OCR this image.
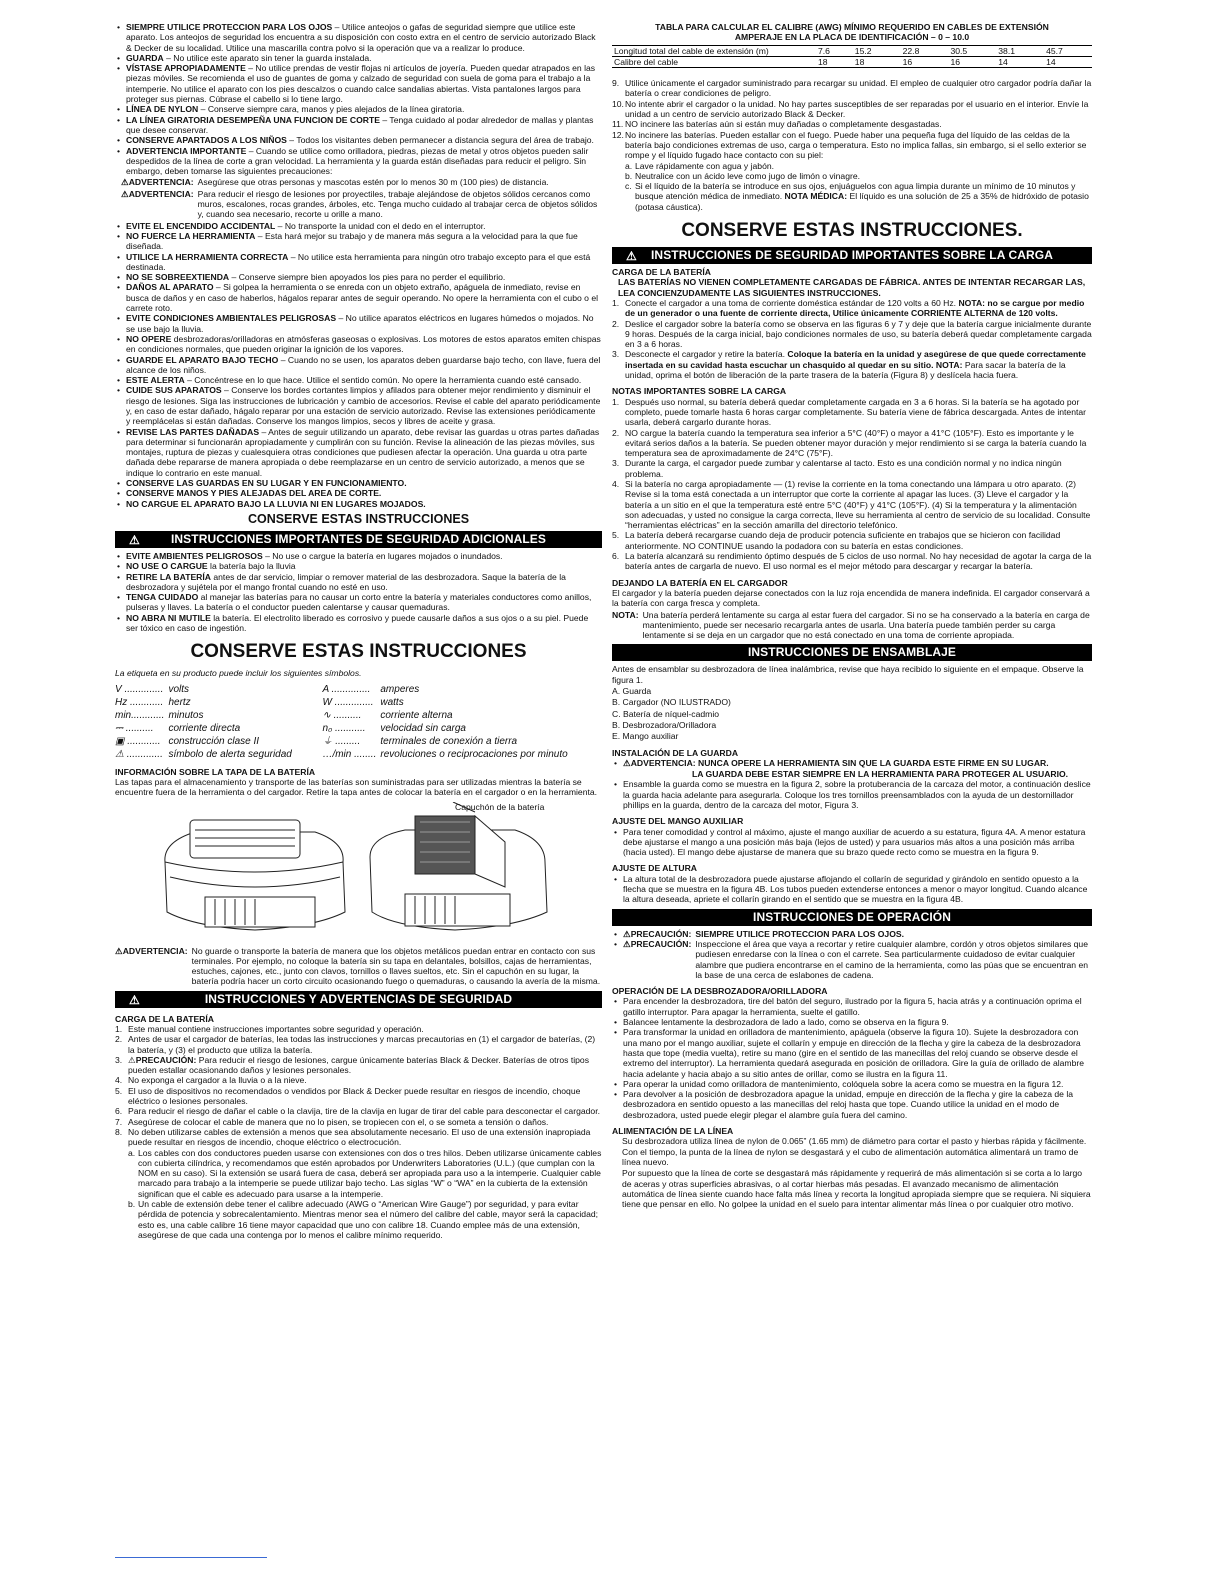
• SIEMPRE UTILICE PROTECCION PARA LOS OJOS – Utilice anteojos o gafas de seguridad siempre que utilice este aparato. Los anteojos de seguridad los encuentra a su disposición con costo extra en el centro de servicio autorizado Black & Decker de su localidad. Utilice una mascarilla contra polvo si la operación que va a realizar lo produce.
• GUARDA – No utilice este aparato sin tener la guarda instalada.
• VÍSTASE APROPIADAMENTE – No utilice prendas de vestir flojas ni artículos de joyería. Pueden quedar atrapados en las piezas móviles. Se recomienda el uso de guantes de goma y calzado de seguridad con suela de goma para el trabajo a la intemperie. No utilice el aparato con los pies descalzos o cuando calce sandalias abiertas. Vista pantalones largos para proteger sus piernas. Cúbrase el cabello si lo tiene largo.
• LÍNEA DE NYLON – Conserve siempre cara, manos y pies alejados de la línea giratoria.
• LA LÍNEA GIRATORIA DESEMPEÑA UNA FUNCION DE CORTE – Tenga cuidado al podar alrededor de mallas y plantas que desee conservar.
• CONSERVE APARTADOS A LOS NIÑOS – Todos los visitantes deben permanecer a distancia segura del área de trabajo.
• ADVERTENCIA IMPORTANTE – Cuando se utilice como orilladora, piedras, piezas de metal y otros objetos pueden salir despedidos de la línea de corte a gran velocidad. La herramienta y la guarda están diseñadas para reducir el peligro. Sin embargo, deben tomarse las siguientes precauciones:
⚠ADVERTENCIA: Asegúrese que otras personas y mascotas estén por lo menos 30 m (100 pies) de distancia.
⚠ADVERTENCIA: Para reducir el riesgo de lesiones por proyectiles, trabaje alejándose de objetos sólidos cercanos como muros, escalones, rocas grandes, árboles, etc. Tenga mucho cuidado al trabajar cerca de objetos sólidos y, cuando sea necesario, recorte u orille a mano.
• EVITE EL ENCENDIDO ACCIDENTAL – No transporte la unidad con el dedo en el interruptor.
• NO FUERCE LA HERRAMIENTA – Esta hará mejor su trabajo y de manera más segura a la velocidad para la que fue diseñada.
• UTILICE LA HERRAMIENTA CORRECTA – No utilice esta herramienta para ningún otro trabajo excepto para el que está destinada.
• NO SE SOBREEXTIENDA – Conserve siempre bien apoyados los pies para no perder el equilibrio.
• DAÑOS AL APARATO – Si golpea la herramienta o se enreda con un objeto extraño, apáguela de inmediato, revise en busca de daños y en caso de haberlos, hágalos reparar antes de seguir operando. No opere la herramienta con el cubo o el carrete roto.
• EVITE CONDICIONES AMBIENTALES PELIGROSAS – No utilice aparatos eléctricos en lugares húmedos o mojados. No se use bajo la lluvia.
• NO OPERE desbrozadoras/orilladoras en atmósferas gaseosas o explosivas. Los motores de estos aparatos emiten chispas en condiciones normales, que pueden originar la ignición de los vapores.
• GUARDE EL APARATO BAJO TECHO – Cuando no se usen, los aparatos deben guardarse bajo techo, con llave, fuera del alcance de los niños.
• ESTE ALERTA – Concéntrese en lo que hace. Utilice el sentido común. No opere la herramienta cuando esté cansado.
• CUIDE SUS APARATOS – Conserve los bordes cortantes limpios y afilados para obtener mejor rendimiento y disminuir el riesgo de lesiones. Siga las instrucciones de lubricación y cambio de accesorios. Revise el cable del aparato periódicamente y, en caso de estar dañado, hágalo reparar por una estación de servicio autorizado. Revise las extensiones periódicamente y reemplácelas si están dañadas. Conserve los mangos limpios, secos y libres de aceite y grasa.
• REVISE LAS PARTES DAÑADAS – Antes de seguir utilizando un aparato, debe revisar las guardas u otras partes dañadas para determinar si funcionarán apropiadamente y cumplirán con su función. Revise la alineación de las piezas móviles, sus montajes, ruptura de piezas y cualesquiera otras condiciones que pudiesen afectar la operación. Una guarda u otra parte dañada debe repararse de manera apropiada o debe reemplazarse en un centro de servicio autorizado, a menos que se indique lo contrario en este manual.
• CONSERVE LAS GUARDAS EN SU LUGAR Y EN FUNCIONAMIENTO.
• CONSERVE MANOS Y PIES ALEJADAS DEL AREA DE CORTE.
• NO CARGUE EL APARATO BAJO LA LLUVIA NI EN LUGARES MOJADOS.
CONSERVE ESTAS INSTRUCCIONES
⚠	INSTRUCCIONES IMPORTANTES DE SEGURIDAD ADICIONALES
• EVITE AMBIENTES PELIGROSOS – No use o cargue la batería en lugares mojados o inundados.
• NO USE O CARGUE la batería bajo la lluvia
• RETIRE LA BATERÍA antes de dar servicio, limpiar o remover material de las desbrozadora. Saque la batería de la desbrozadora y sujétela por el mango frontal cuando no esté en uso.
• TENGA CUIDADO al manejar las baterías para no causar un corto entre la batería y materiales conductores como anillos, pulseras y llaves. La batería o el conductor pueden calentarse y causar quemaduras.
• NO ABRA NI MUTILE la batería. El electrolito liberado es corrosivo y puede causarle daños a sus ojos o a su piel. Puede ser tóxico en caso de ingestión.
CONSERVE ESTAS INSTRUCCIONES

La etiqueta en su producto puede incluir los siguientes símbolos.

V ..............	volts	A ..............	amperes
Hz ............	hertz	W ..............	watts
min............	minutos	∿ ..........	corriente alterna
⎓ ..........	corriente directa	n₀ ...........	velocidad sin carga
▣ ............	construcción clase II	⏚ .........	terminales de conexión a tierra
⚠ .............	símbolo de alerta seguridad	…/min ........	revoluciones o reciprocaciones por minuto
INFORMACIÓN SOBRE LA TAPA DE LA BATERÍA

Las tapas para el almacenamiento y transporte de las baterías son suministradas para ser utilizadas mientras la batería se encuentre fuera de la herramienta o del cargador. Retire la tapa antes de colocar la batería en el cargador o en la herramienta.

Capuchón de la batería
⚠ADVERTENCIA: No guarde o transporte la batería de manera que los objetos metálicos puedan entrar en contacto con sus terminales. Por ejemplo, no coloque la batería sin su tapa en delantales, bolsillos, cajas de herramientas, estuches, cajones, etc., junto con clavos, tornillos o llaves sueltos, etc. Sin el capuchón en su lugar, la batería podría hacer un corto circuito ocasionando fuego o quemaduras, o causando la avería de la misma.
⚠	INSTRUCCIONES Y ADVERTENCIAS DE SEGURIDAD
CARGA DE LA BATERÍA
1. Este manual contiene instrucciones importantes sobre seguridad y operación.
2. Antes de usar el cargador de baterías, lea todas las instrucciones y marcas precautorias en (1) el cargador de baterías, (2) la batería, y (3) el producto que utiliza la batería.
3. ⚠PRECAUCIÓN: Para reducir el riesgo de lesiones, cargue únicamente baterías Black & Decker. Baterías de otros tipos pueden estallar ocasionando daños y lesiones personales.
4. No exponga el cargador a la lluvia o a la nieve.
5. El uso de dispositivos no recomendados o vendidos por Black & Decker puede resultar en riesgos de incendio, choque eléctrico o lesiones personales.
6. Para reducir el riesgo de dañar el cable o la clavija, tire de la clavija en lugar de tirar del cable para desconectar el cargador.
7. Asegúrese de colocar el cable de manera que no lo pisen, se tropiecen con el, o se someta a tensión o daños.
8. No deben utilizarse cables de extensión a menos que sea absolutamente necesario. El uso de una extensión inapropiada puede resultar en riesgos de incendio, choque eléctrico o electrocución.
a. Los cables con dos conductores pueden usarse con extensiones con dos o tres hilos. Deben utilizarse únicamente cables con cubierta cilíndrica, y recomendamos que estén aprobados por Underwriters Laboratories (U.L.) (que cumplan con la NOM en su caso). Si la extensión se usará fuera de casa, deberá ser apropiada para uso a la intemperie. Cualquier cable marcado para trabajo a la intemperie se puede utilizar bajo techo. Las siglas “W” o “WA” en la cubierta de la extensión significan que el cable es adecuado para usarse a la intemperie.
b. Un cable de extensión debe tener el calibre adecuado (AWG o “American Wire Gauge”) por seguridad, y para evitar pérdida de potencia y sobrecalentamiento. Mientras menor sea el número del calibre del cable, mayor será la capacidad; esto es, una cable calibre 16 tiene mayor capacidad que uno con calibre 18. Cuando emplee más de una extensión, asegúrese de que cada una contenga por lo menos el calibre mínimo requerido.
TABLA PARA CALCULAR EL CALIBRE (AWG) MÍNIMO REQUERIDO EN CABLES DE EXTENSIÓN
AMPERAJE EN LA PLACA DE IDENTIFICACIÓN – 0 – 10.0
Longitud total del cable de extensión (m)	7.6	15.2	22.8	30.5	38.1	45.7
Calibre del cable	18	18	16	16	14	14
9. Utilice únicamente el cargador suministrado para recargar su unidad. El empleo de cualquier otro cargador podría dañar la batería o crear condiciones de peligro.
10. No intente abrir el cargador o la unidad. No hay partes susceptibles de ser reparadas por el usuario en el interior. Envíe la unidad a un centro de servicio autorizado Black & Decker.
11. NO incinere las baterías aún si están muy dañadas o completamente desgastadas.
12. No incinere las baterías. Pueden estallar con el fuego. Puede haber una pequeña fuga del líquido de las celdas de la batería bajo condiciones extremas de uso, carga o temperatura. Esto no implica fallas, sin embargo, si el sello exterior se rompe y el líquido fugado hace contacto con su piel:
a. Lave rápidamente con agua y jabón.
b. Neutralice con un ácido leve como jugo de limón o vinagre.
c. Si el líquido de la batería se introduce en sus ojos, enjuáguelos con agua limpia durante un mínimo de 10 minutos y busque atención médica de inmediato. NOTA MÉDICA: El líquido es una solución de 25 a 35% de hidróxido de potasio (potasa cáustica).
CONSERVE ESTAS INSTRUCCIONES.
⚠ INSTRUCCIONES DE SEGURIDAD IMPORTANTES SOBRE LA CARGA
CARGA DE LA BATERÍA
LAS BATERÍAS NO VIENEN COMPLETAMENTE CARGADAS DE FÁBRICA. ANTES DE INTENTAR RECARGAR LAS, LEA CONCIENZUDAMENTE LAS SIGUIENTES INSTRUCCIONES.
1. Conecte el cargador a una toma de corriente doméstica estándar de 120 volts a 60 Hz. NOTA: no se cargue por medio de un generador o una fuente de corriente directa, Utilice únicamente CORRIENTE ALTERNA de 120 volts.
2. Deslice el cargador sobre la batería como se observa en las figuras 6 y 7 y deje que la batería cargue inicialmente durante 9 horas. Después de la carga inicial, bajo condiciones normales de uso, su batería deberá quedar completamente cargada en 3 a 6 horas.
3. Desconecte el cargador y retire la batería. Coloque la batería en la unidad y asegúrese de que quede correctamente insertada en su cavidad hasta escuchar un chasquido al quedar en su sitio. NOTA: Para sacar la batería de la unidad, oprima el botón de liberación de la parte trasera de la batería (Figura 8) y deslícela hacia fuera.
NOTAS IMPORTANTES SOBRE LA CARGA
1. Después uso normal, su batería deberá quedar completamente cargada en 3 a 6 horas. Si la batería se ha agotado por completo, puede tomarle hasta 6 horas cargar completamente. Su batería viene de fábrica descargada. Antes de intentar usarla, deberá cargarlo durante horas.
2. NO cargue la batería cuando la temperatura sea inferior a 5°C (40°F) o mayor a 41°C (105°F). Esto es importante y le evitará serios daños a la batería. Se pueden obtener mayor duración y mejor rendimiento si se carga la batería cuando la temperatura sea de aproximadamente de 24°C (75°F).
3. Durante la carga, el cargador puede zumbar y calentarse al tacto. Esto es una condición normal y no indica ningún problema.
4. Si la batería no carga apropiadamente — (1) revise la corriente en la toma conectando una lámpara u otro aparato. (2) Revise si la toma está conectada a un interruptor que corte la corriente al apagar las luces. (3) Lleve el cargador y la batería a un sitio en el que la temperatura esté entre 5°C (40°F) y 41°C (105°F). (4) Si la temperatura y la alimentación son adecuadas, y usted no consigue la carga correcta, lleve su herramienta al centro de servicio de su localidad. Consulte “herramientas eléctricas” en la sección amarilla del directorio telefónico.
5. La batería deberá recargarse cuando deja de producir potencia suficiente en trabajos que se hicieron con facilidad anteriormente. NO CONTINUE usando la podadora con su batería en estas condiciones.
6. La batería alcanzará su rendimiento óptimo después de 5 ciclos de uso normal. No hay necesidad de agotar la carga de la batería antes de cargarla de nuevo. El uso normal es el mejor método para descargar y recargar la batería.
DEJANDO LA BATERÍA EN EL CARGADOR

El cargador y la batería pueden dejarse conectados con la luz roja encendida de manera indefinida. El cargador conservará a la batería con carga fresca y completa.

NOTA: Una batería perderá lentamente su carga al estar fuera del cargador. Si no se ha conservado a la batería en carga de mantenimiento, puede ser necesario recargarla antes de usarla. Una batería puede también perder su carga lentamente si se deja en un cargador que no está conectado en una toma de corriente apropiada.
INSTRUCCIONES DE ENSAMBLAJE

Antes de ensamblar su desbrozadora de línea inalámbrica, revise que haya recibido lo siguiente en el empaque. Observe la figura 1.

A. Guarda

B. Cargador (NO ILUSTRADO)

C. Batería de níquel-cadmio

B. Desbrozadora/Orilladora

E. Mango auxiliar

INSTALACIÓN DE LA GUARDA
• ⚠ADVERTENCIA: NUNCA OPERE LA HERRAMIENTA SIN QUE LA GUARDA ESTE FIRME EN SU LUGAR.
LA GUARDA DEBE ESTAR SIEMPRE EN LA HERRAMIENTA PARA PROTEGER AL USUARIO.
• Ensamble la guarda como se muestra en la figura 2, sobre la protuberancia de la carcaza del motor, a continuación deslice la guarda hacia adelante para asegurarla. Coloque los tres tornillos preensamblados con la ayuda de un destornillador phillips en la guarda, dentro de la carcaza del motor, Figura 3.
AJUSTE DEL MANGO AUXILIAR
• Para tener comodidad y control al máximo, ajuste el mango auxiliar de acuerdo a su estatura, figura 4A. A menor estatura debe ajustarse el mango a una posición más baja (lejos de usted) y para usuarios más altos a una posición más arriba (hacia usted). El mango debe ajustarse de manera que su brazo quede recto como se muestra en la figura 9.
AJUSTE DE ALTURA
• La altura total de la desbrozadora puede ajustarse aflojando el collarín de seguridad y girándolo en sentido opuesto a la flecha que se muestra en la figura 4B. Los tubos pueden extenderse entonces a menor o mayor longitud. Cuando alcance la altura deseada, apriete el collarín girando en el sentido que se muestra en la figura 4B.
INSTRUCCIONES DE OPERACIÓN
• ⚠PRECAUCIÓN: SIEMPRE UTILICE PROTECCION PARA LOS OJOS.
• ⚠PRECAUCIÓN: Inspeccione el área que vaya a recortar y retire cualquier alambre, cordón y otros objetos similares que pudiesen enredarse con la línea o con el carrete. Sea particularmente cuidadoso de evitar cualquier alambre que pudiera encontrarse en el camino de la herramienta, como las púas que se encuentran en la base de una cerca de eslabones de cadena.
OPERACIÓN DE LA DESBROZADORA/ORILLADORA
• Para encender la desbrozadora, tire del batón del seguro, ilustrado por la figura 5, hacia atrás y a continuación oprima el gatillo interruptor. Para apagar la herramienta, suelte el gatillo.
• Balancee lentamente la desbrozadora de lado a lado, como se observa en la figura 9.
• Para transformar la unidad en orilladora de mantenimiento, apáguela (observe la figura 10). Sujete la desbrozadora con una mano por el mango auxiliar, sujete el collarín y empuje en dirección de la flecha y gire la cabeza de la desbrozadora hasta que tope (media vuelta), retire su mano (gire en el sentido de las manecillas del reloj cuando se observe desde el extremo del interruptor). La herramienta quedará asegurada en posición de orilladora. Gire la guía de orillado de alambre hacia adelante y hacia abajo a su sitio antes de orillar, como se ilustra en la figura 11.
• Para operar la unidad como orilladora de mantenimiento, colóquela sobre la acera como se muestra en la figura 12.
• Para devolver a la posición de desbrozadora apague la unidad, empuje en dirección de la flecha y gire la cabeza de la desbrozadora en sentido opuesto a las manecillas del reloj hasta que tope. Cuando utilice la unidad en el modo de desbrozadora, usted puede elegir plegar el alambre guía fuera del camino.
ALIMENTACIÓN DE LA LÍNEA

Su desbrozadora utiliza línea de nylon de 0.065” (1.65 mm) de diámetro para cortar el pasto y hierbas rápida y fácilmente. Con el tiempo, la punta de la línea de nylon se desgastará y el cubo de alimentación automática alimentará un tramo de línea nuevo.

Por supuesto que la línea de corte se desgastará más rápidamente y requerirá de más alimentación si se corta a lo largo de aceras y otras superficies abrasivas, o al cortar hierbas más pesadas. El avanzado mecanismo de alimentación automática de línea siente cuando hace falta más línea y recorta la longitud apropiada siempre que se requiera. Ni siquiera tiene que pensar en ello. No golpee la unidad en el suelo para intentar alimentar más línea o por cualquier otro motivo.
